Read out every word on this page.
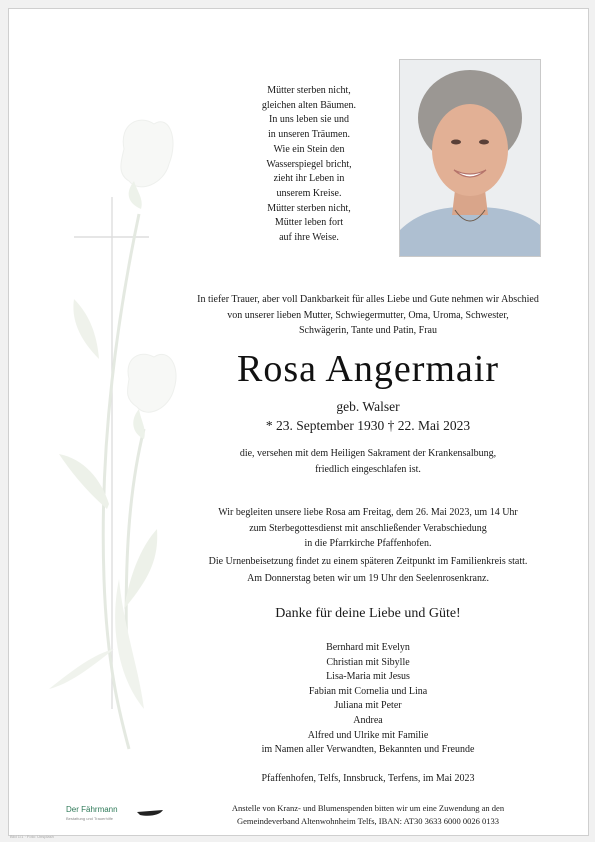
Mütter sterben nicht,
gleichen alten Bäumen.
In uns leben sie und
in unseren Träumen.
Wie ein Stein den
Wasserspiegel bricht,
zieht ihr Leben in
unserem Kreise.
Mütter sterben nicht,
Mütter leben fort
auf ihre Weise.
In tiefer Trauer, aber voll Dankbarkeit für alles Liebe und Gute nehmen wir Abschied
von unserer lieben Mutter, Schwiegermutter, Oma, Uroma, Schwester,
Schwägerin, Tante und Patin, Frau
Rosa Angermair
geb. Walser
* 23. September 1930 † 22. Mai 2023
die, versehen mit dem Heiligen Sakrament der Krankensalbung,
friedlich eingeschlafen ist.
Wir begleiten unsere liebe Rosa am Freitag, dem 26. Mai 2023, um 14 Uhr
zum Sterbegottesdienst mit anschließender Verabschiedung
in die Pfarrkirche Pfaffenhofen.
Die Urnenbeisetzung findet zu einem späteren Zeitpunkt im Familienkreis statt.
Am Donnerstag beten wir um 19 Uhr den Seelenrosenkranz.
Danke für deine Liebe und Güte!
Bernhard mit Evelyn
Christian mit Sibylle
Lisa-Maria mit Jesus
Fabian mit Cornelia und Lina
Juliana mit Peter
Andrea
Alfred und Ulrike mit Familie
im Namen aller Verwandten, Bekannten und Freunde
Pfaffenhofen, Telfs, Innsbruck, Terfens, im Mai 2023
Anstelle von Kranz- und Blumenspenden bitten wir um eine Zuwendung an den
Gemeindeverband Altenwohnheim Telfs, IBAN: AT30 3633 6000 0026 0133
Der Fährmann
Bestattung und Trauerhilfe
Bild 1/1 · Foto: Unsplash
